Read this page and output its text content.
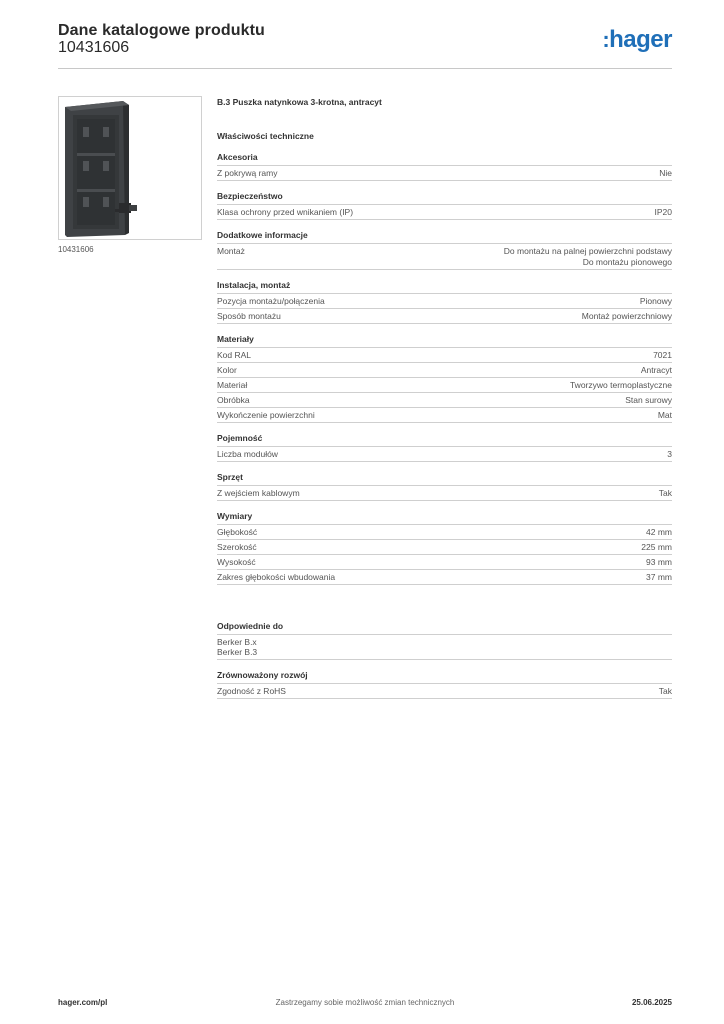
Dane katalogowe produktu
10431606	:hager
10431606
B.3 Puszka natynkowa 3-krotna, antracyt
Właściwości techniczne
Akcesoria
Z pokrywą ramy	Nie
Bezpieczeństwo
Klasa ochrony przed wnikaniem (IP)	IP20
Dodatkowe informacje
Montaż	Do montażu na palnej powierzchni podstawy
Do montażu pionowego
Instalacja, montaż
Pozycja montażu/połączenia	Pionowy
Sposób montażu	Montaż powierzchniowy
Materiały
Kod RAL	7021
Kolor	Antracyt
Materiał	Tworzywo termoplastyczne
Obróbka	Stan surowy
Wykończenie powierzchni	Mat
Pojemność
Liczba modułów	3
Sprzęt
Z wejściem kablowym	Tak
Wymiary
Głębokość	42 mm
Szerokość	225 mm
Wysokość	93 mm
Zakres głębokości wbudowania	37 mm
Odpowiednie do
Berker B.x
Berker B.3
Zrównoważony rozwój
Zgodność z RoHS	Tak
hager.com/pl	Zastrzegamy sobie możliwość zmian technicznych	25.06.2025
